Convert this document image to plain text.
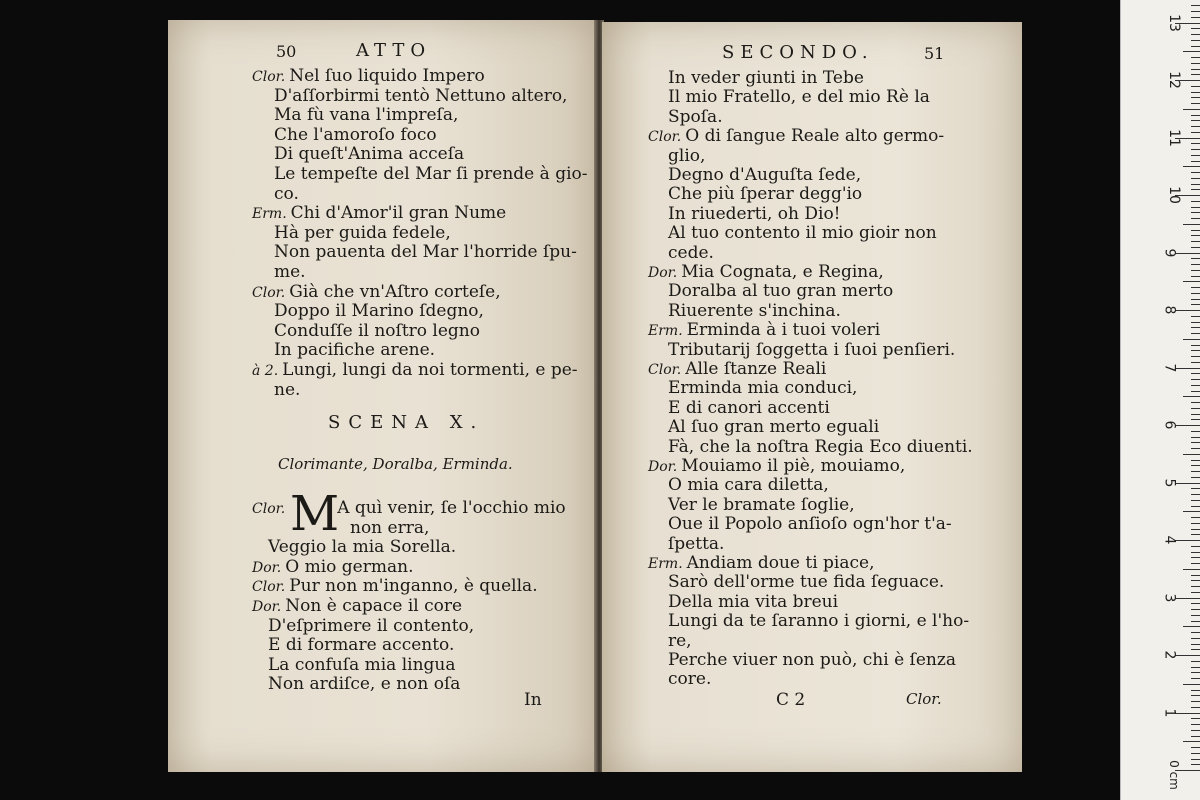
50	ATTO
Clor. Nel ſuo liquido Impero
D'aſſorbirmi tentò Nettuno altero,
Ma fù vana l'impreſa,
Che l'amoroſo foco
Di queſt'Anima acceſa
Le tempeſte del Mar ſi prende à gio-
co.
Erm. Chi d'Amor'il gran Nume
Hà per guida fedele,
Non pauenta del Mar l'horride ſpu-
me.
Clor. Già che vn'Aſtro corteſe,
Doppo il Marino ſdegno,
Conduſſe il noſtro legno
In pacifiche arene.
à 2. Lungi, lungi da noi tormenti, e pe-
ne.
SCENA X.
Clorimante, Doralba, Erminda.
M
Clor.	A quì venir, ſe l'occhio mio
non erra,
Veggio la mia Sorella.
Dor. O mio german.
Clor. Pur non m'inganno, è quella.
Dor. Non è capace il core
D'eſprimere il contento,
E di formare accento.
La confuſa mia lingua
Non ardiſce, e non oſa
In
SECONDO.	51
In veder giunti in Tebe
Il mio Fratello, e del mio Rè la
Spoſa.
Clor. O di ſangue Reale alto germo-
glio,
Degno d'Auguſta ſede,
Che più ſperar degg'io
In riuederti, oh Dio!
Al tuo contento il mio gioir non
cede.
Dor. Mia Cognata, e Regina,
Doralba al tuo gran merto
Riuerente s'inchina.
Erm. Erminda à i tuoi voleri
Tributarij ſoggetta i ſuoi penſieri.
Clor. Alle ſtanze Reali
Erminda mia conduci,
E di canori accenti
Al ſuo gran merto eguali
Fà, che la noſtra Regia Eco diuenti.
Dor. Mouiamo il piè, mouiamo,
O mia cara diletta,
Ver le bramate ſoglie,
Oue il Popolo anſioſo ogn'hor t'a-
ſpetta.
Erm. Andiam doue ti piace,
Sarò dell'orme tue fida ſeguace.
Della mia vita breui
Lungi da te ſaranno i giorni, e l'ho-
re,
Perche viuer non può, chi è ſenza
core.
C 2	Clor.
0 cm
1
2
3
4
5
6
7
8
9
10
11
12
13
